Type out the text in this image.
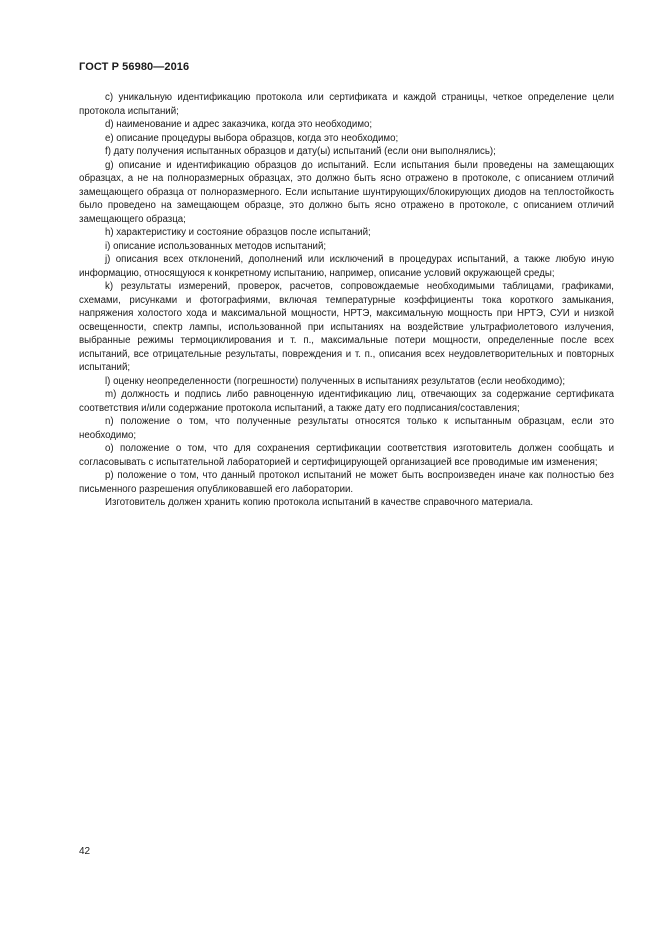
ГОСТ Р 56980—2016

c) уникальную идентификацию протокола или сертификата и каждой страницы, четкое определение цели протокола испытаний;

d) наименование и адрес заказчика, когда это необходимо;

e) описание процедуры выбора образцов, когда это необходимо;

f) дату получения испытанных образцов и дату(ы) испытаний (если они выполнялись);

g) описание и идентификацию образцов до испытаний. Если испытания были проведены на замещающих образцах, а не на полноразмерных образцах, это должно быть ясно отражено в протоколе, с описанием отличий замещающего образца от полноразмерного. Если испытание шунтирующих/блокирующих диодов на теплостойкость было проведено на замещающем образце, это должно быть ясно отражено в протоколе, с описанием отличий замещающего образца;

h) характеристику и состояние образцов после испытаний;

i) описание использованных методов испытаний;

j) описания всех отклонений, дополнений или исключений в процедурах испытаний, а также любую иную информацию, относящуюся к конкретному испытанию, например, описание условий окружающей среды;

k) результаты измерений, проверок, расчетов, сопровождаемые необходимыми таблицами, графиками, схемами, рисунками и фотографиями, включая температурные коэффициенты тока короткого замыкания, напряжения холостого хода и максимальной мощности, НРТЭ, максимальную мощность при НРТЭ, СУИ и низкой освещенности, спектр лампы, использованной при испытаниях на воздействие ультрафиолетового излучения, выбранные режимы термоциклирования и т. п., максимальные потери мощности, определенные после всех испытаний, все отрицательные результаты, повреждения и т. п., описания всех неудовлетворительных и повторных испытаний;

l) оценку неопределенности (погрешности) полученных в испытаниях результатов (если необходимо);

m) должность и подпись либо равноценную идентификацию лиц, отвечающих за содержание сертификата соответствия и/или содержание протокола испытаний, а также дату его подписания/составления;

n) положение о том, что полученные результаты относятся только к испытанным образцам, если это необходимо;

o) положение о том, что для сохранения сертификации соответствия изготовитель должен сообщать и согласовывать с испытательной лабораторией и сертифицирующей организацией все проводимые им изменения;

p) положение о том, что данный протокол испытаний не может быть воспроизведен иначе как полностью без письменного разрешения опубликовавшей его лаборатории.

Изготовитель должен хранить копию протокола испытаний в качестве справочного материала.

42
